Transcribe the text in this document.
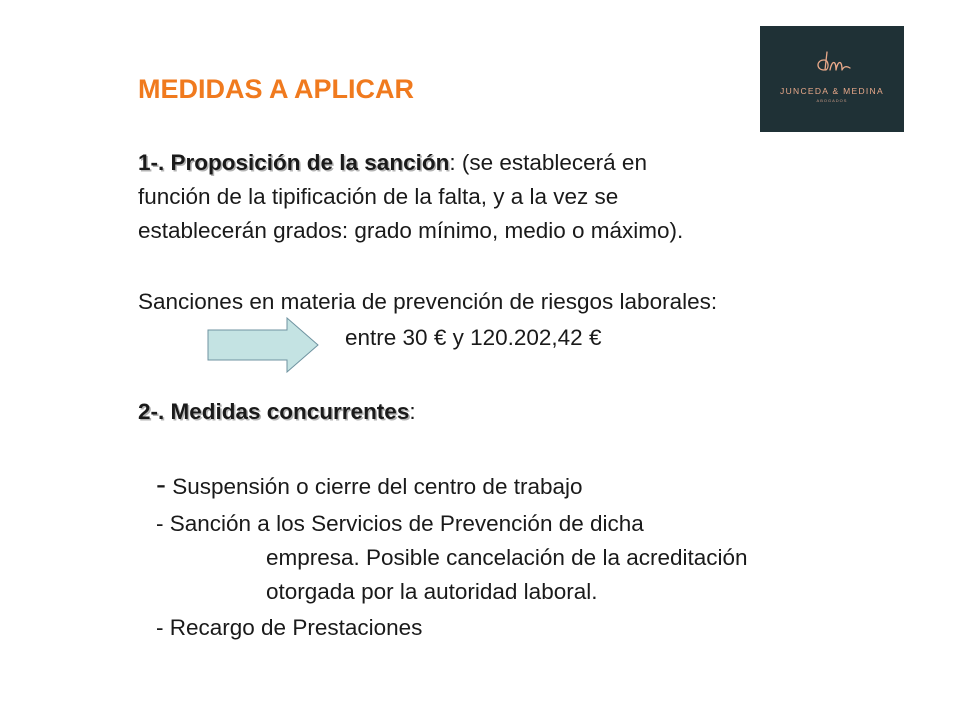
MEDIDAS A APLICAR	JUNCEDA & MEDINA
ABOGADOS
1-. Proposición de la sanción: (se establecerá en
función de la tipificación de la falta, y a la vez se
establecerán grados: grado mínimo, medio o máximo).
Sanciones en materia de prevención de riesgos laborales:
entre 30 € y 120.202,42 €
2-. Medidas concurrentes:
- Suspensión o cierre del centro de trabajo
- Sanción a los Servicios de Prevención de dicha
empresa. Posible cancelación de la acreditación
otorgada por la autoridad laboral.
- Recargo de Prestaciones
